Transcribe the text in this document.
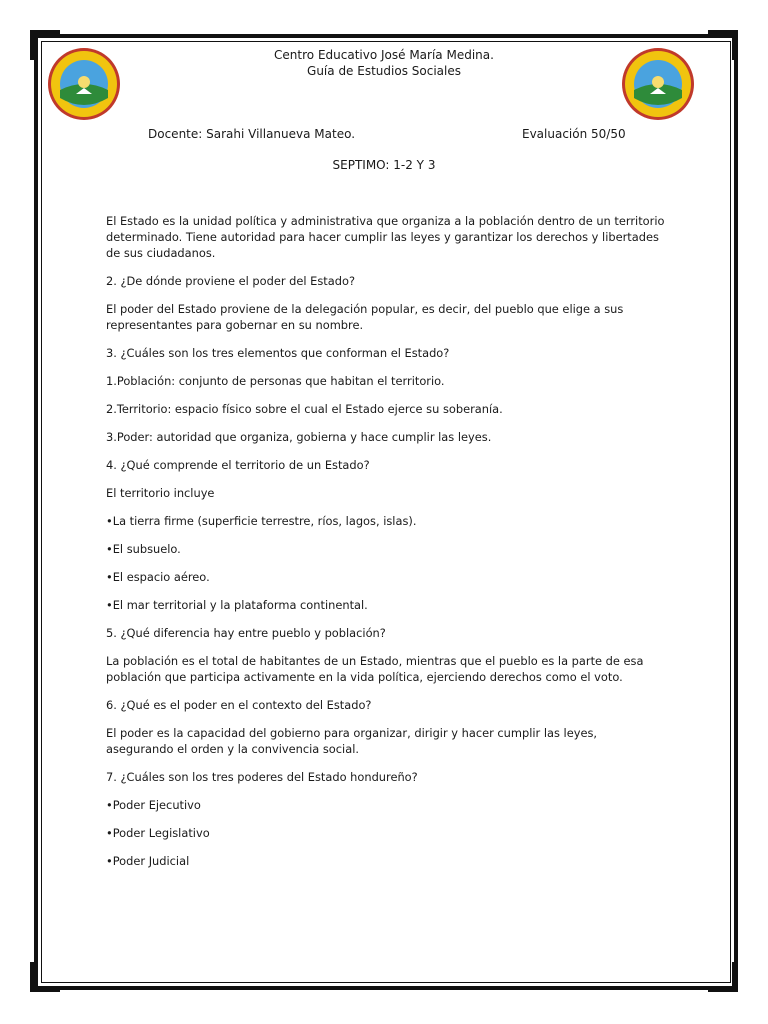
Centro Educativo José María Medina.
Guía de Estudios Sociales
Docente: Sarahi Villanueva Mateo.	Evaluación 50/50
SEPTIMO: 1-2 Y 3

El Estado es la unidad política y administrativa que organiza a la población dentro de un territorio determinado. Tiene autoridad para hacer cumplir las leyes y garantizar los derechos y libertades de sus ciudadanos.

2. ¿De dónde proviene el poder del Estado?

El poder del Estado proviene de la delegación popular, es decir, del pueblo que elige a sus representantes para gobernar en su nombre.

3. ¿Cuáles son los tres elementos que conforman el Estado?

1.Población: conjunto de personas que habitan el territorio.

2.Territorio: espacio físico sobre el cual el Estado ejerce su soberanía.

3.Poder: autoridad que organiza, gobierna y hace cumplir las leyes.

4. ¿Qué comprende el territorio de un Estado?

El territorio incluye

•La tierra firme (superficie terrestre, ríos, lagos, islas).

•El subsuelo.

•El espacio aéreo.

•El mar territorial y la plataforma continental.

5. ¿Qué diferencia hay entre pueblo y población?

La población es el total de habitantes de un Estado, mientras que el pueblo es la parte de esa población que participa activamente en la vida política, ejerciendo derechos como el voto.

6. ¿Qué es el poder en el contexto del Estado?

El poder es la capacidad del gobierno para organizar, dirigir y hacer cumplir las leyes, asegurando el orden y la convivencia social.

7. ¿Cuáles son los tres poderes del Estado hondureño?

•Poder Ejecutivo

•Poder Legislativo

•Poder Judicial
